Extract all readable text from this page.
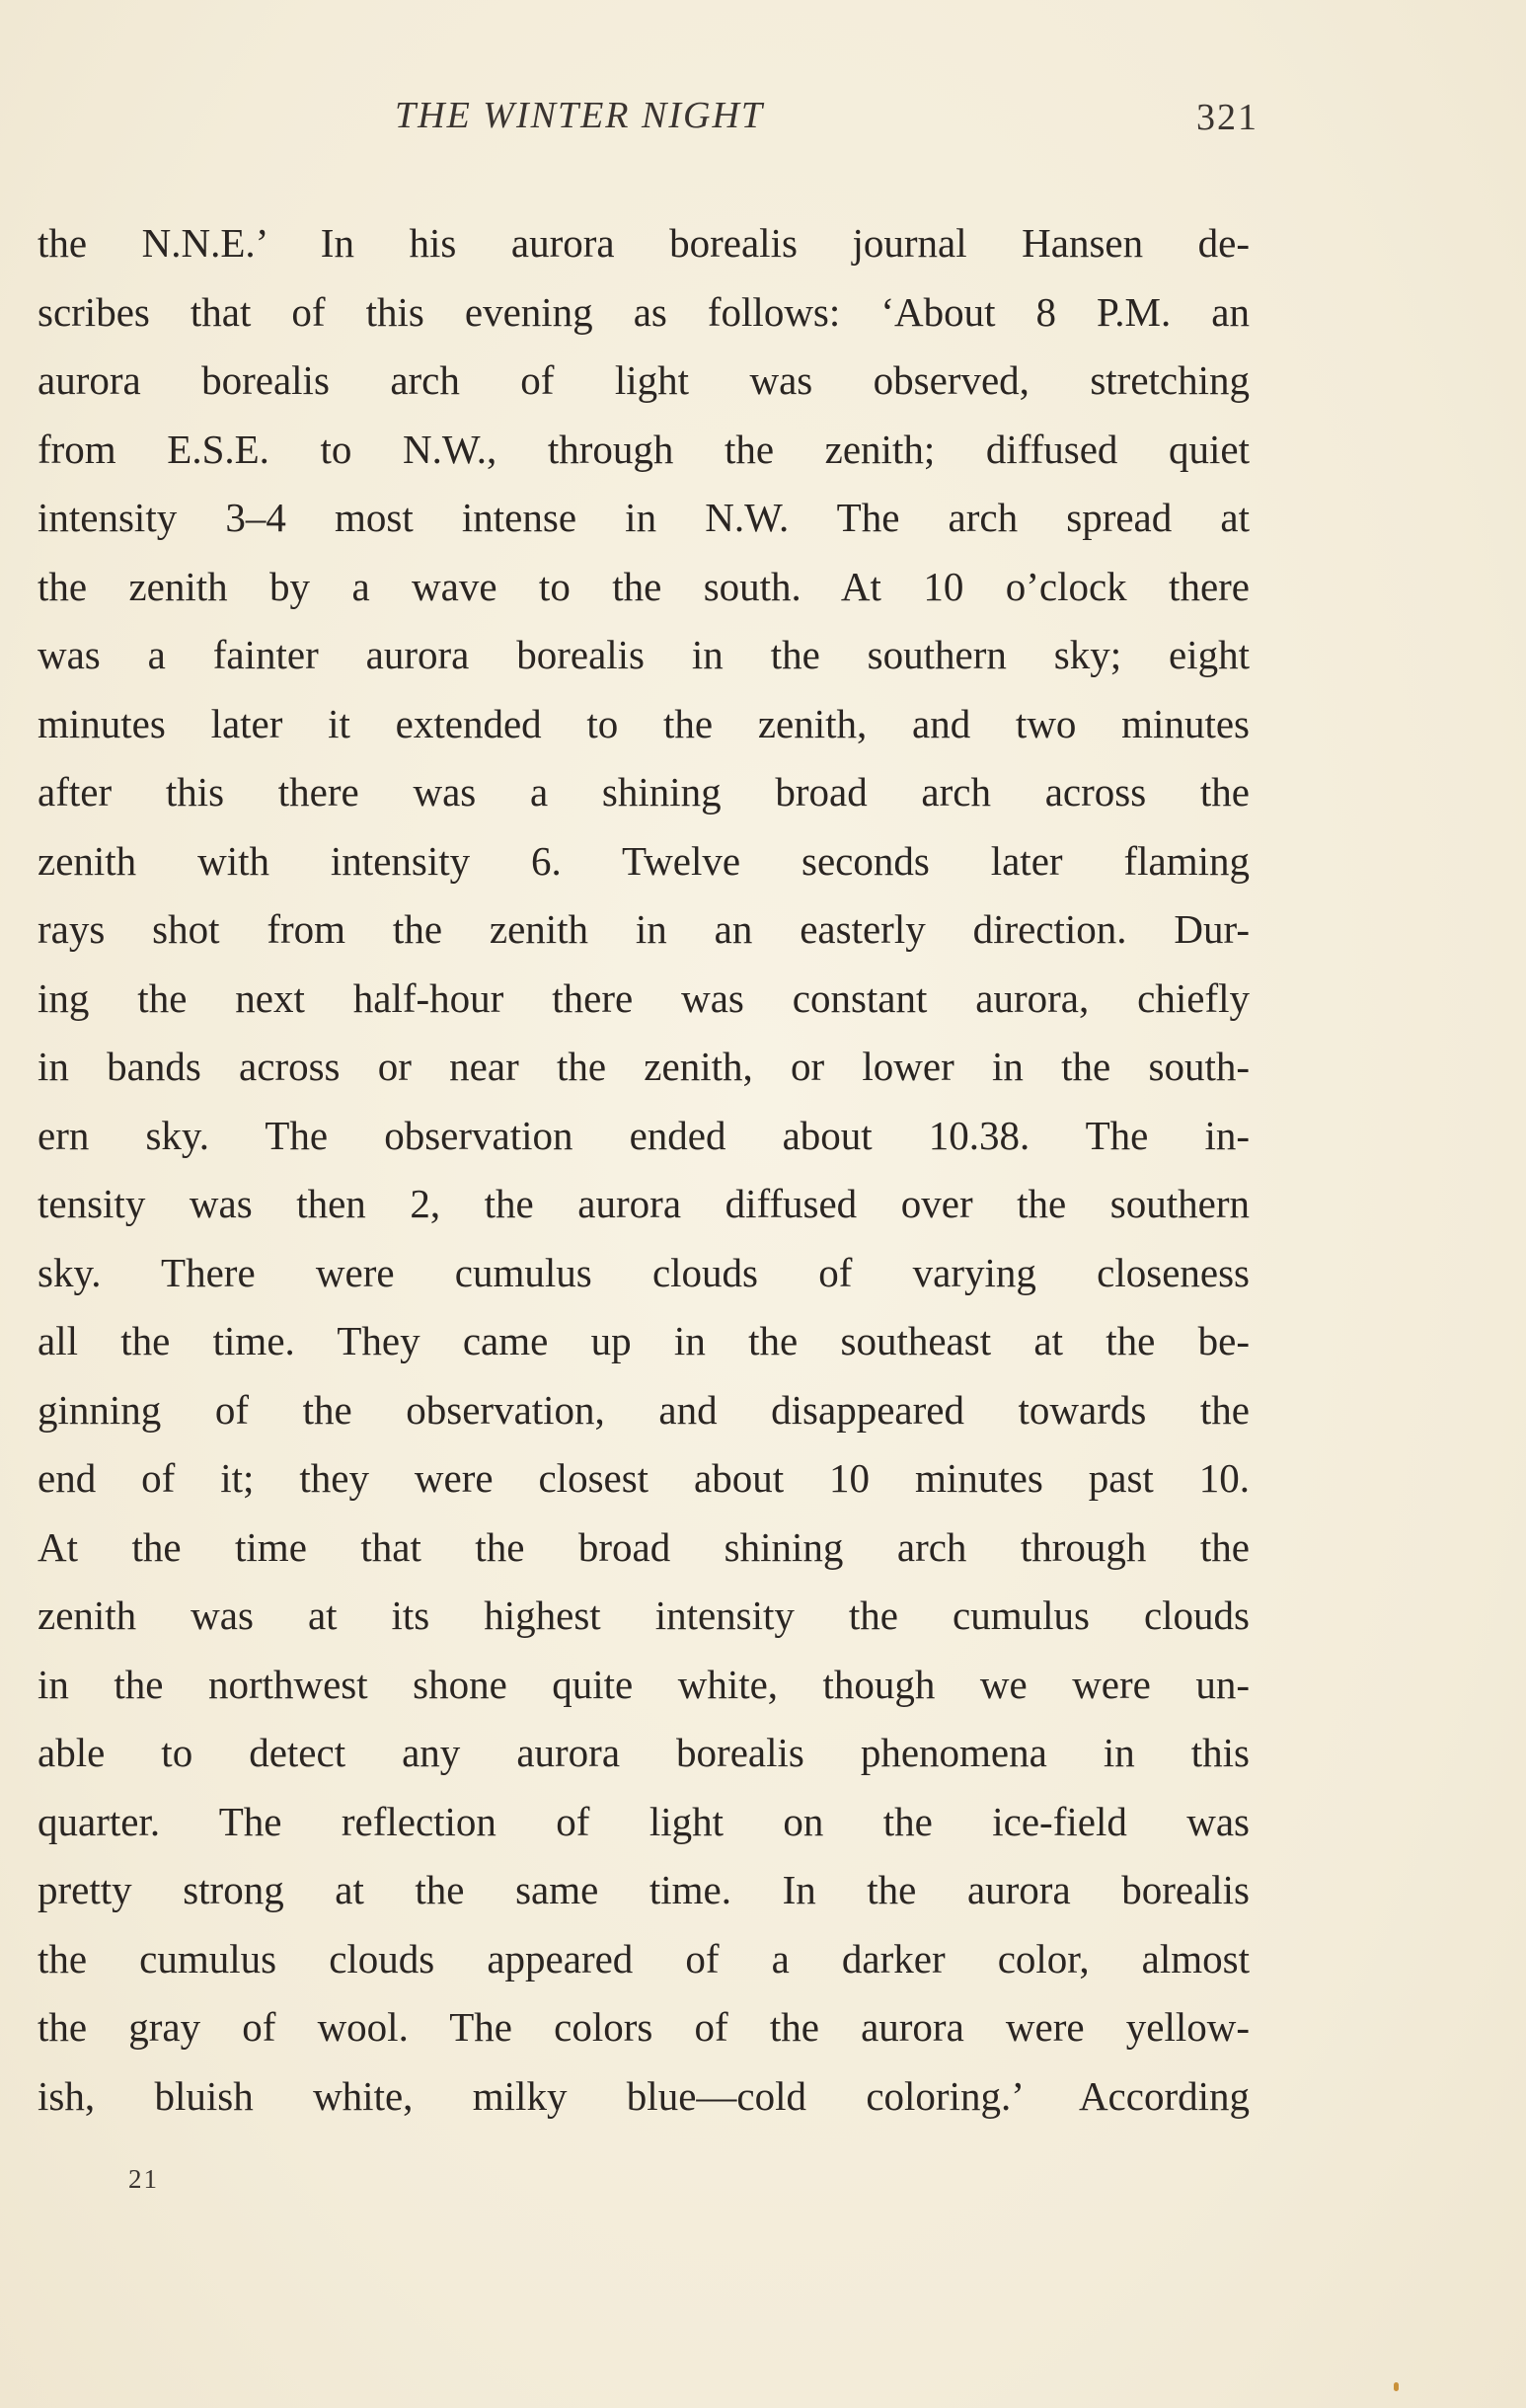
THE WINTER NIGHT	321
the N.N.E.’ In his aurora borealis journal Hansen de-
scribes that of this evening as follows: ‘About 8 P.M. an
aurora borealis arch of light was observed, stretching
from E.S.E. to N.W., through the zenith; diffused quiet
intensity 3–4 most intense in N.W. The arch spread at
the zenith by a wave to the south. At 10 o’clock there
was a fainter aurora borealis in the southern sky; eight
minutes later it extended to the zenith, and two minutes
after this there was a shining broad arch across the
zenith with intensity 6. Twelve seconds later flaming
rays shot from the zenith in an easterly direction. Dur-
ing the next half-hour there was constant aurora, chiefly
in bands across or near the zenith, or lower in the south-
ern sky. The observation ended about 10.38. The in-
tensity was then 2, the aurora diffused over the southern
sky. There were cumulus clouds of varying closeness
all the time. They came up in the southeast at the be-
ginning of the observation, and disappeared towards the
end of it; they were closest about 10 minutes past 10.
At the time that the broad shining arch through the
zenith was at its highest intensity the cumulus clouds
in the northwest shone quite white, though we were un-
able to detect any aurora borealis phenomena in this
quarter. The reflection of light on the ice-field was
pretty strong at the same time. In the aurora borealis
the cumulus clouds appeared of a darker color, almost
the gray of wool. The colors of the aurora were yellow-
ish, bluish white, milky blue—cold coloring.’ According
21
